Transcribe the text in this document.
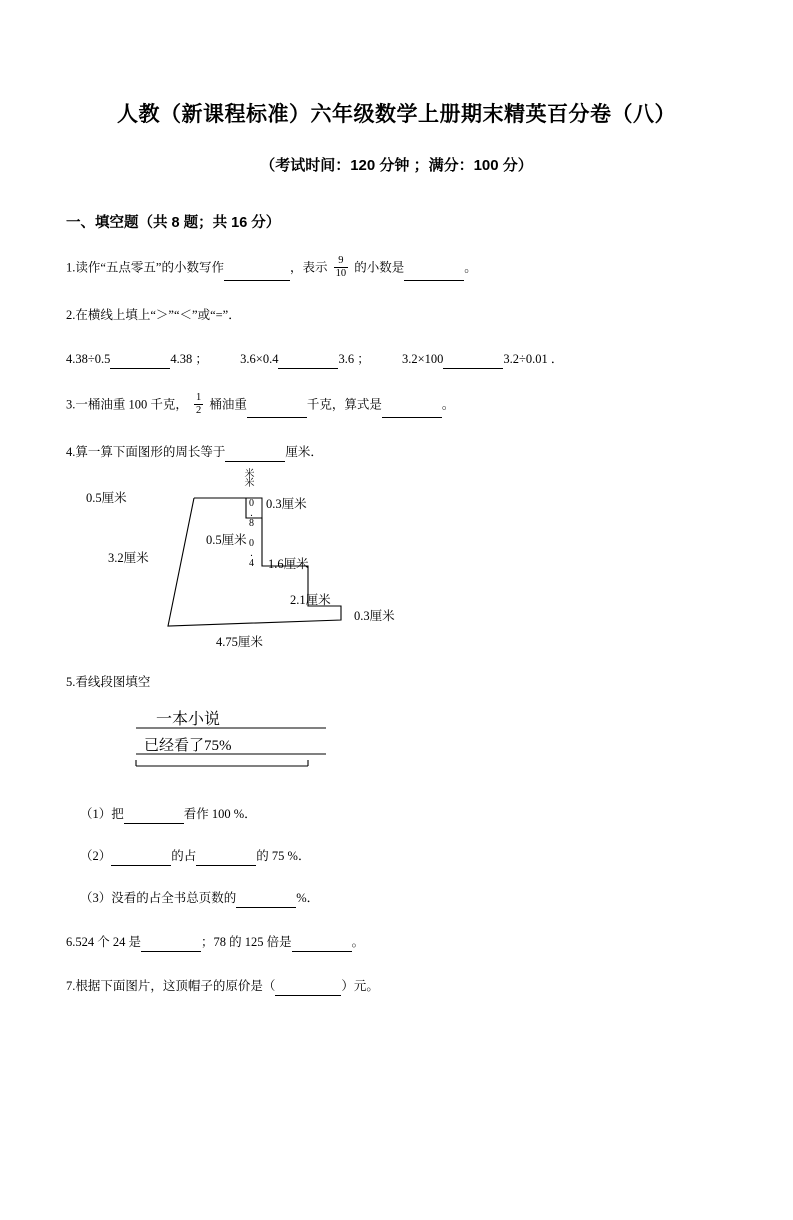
人教（新课程标准）六年级数学上册期末精英百分卷（八）
（考试时间：120 分钟 ；满分：100 分）
一、填空题（共 8 题；共 16 分）
1.读作“五点零五”的小数写作	，表示 $\frac{9}{10}$ 的小数是	。
2.在横线上填上“＞”“＜”或“=”．
4.38÷0.5	4.38 ；	3.6×0.4	3.6 ；	3.2×100	3.2÷0.01 ．
3.一桶油重 100 千克， $\frac{1}{2}$ 桶油重	千克，算式是	。
4.算一算下面图形的周长等于	厘米．
0.5厘米
米米
0.8 0.4 0.3厘米
0.5厘米
3.2厘米	1.6厘米
2.1厘米
0.3厘米
4.75厘米
5.看线段图填空
一本小说
已经看了75%
（1）把	看作 100 %．
（2）	的占	的 75 %．
（3）没看的占全书总页数的	%．
6.524 个 24 是	；78 的 125 倍是	。
7.根据下面图片，这顶帽子的原价是（	）元。
